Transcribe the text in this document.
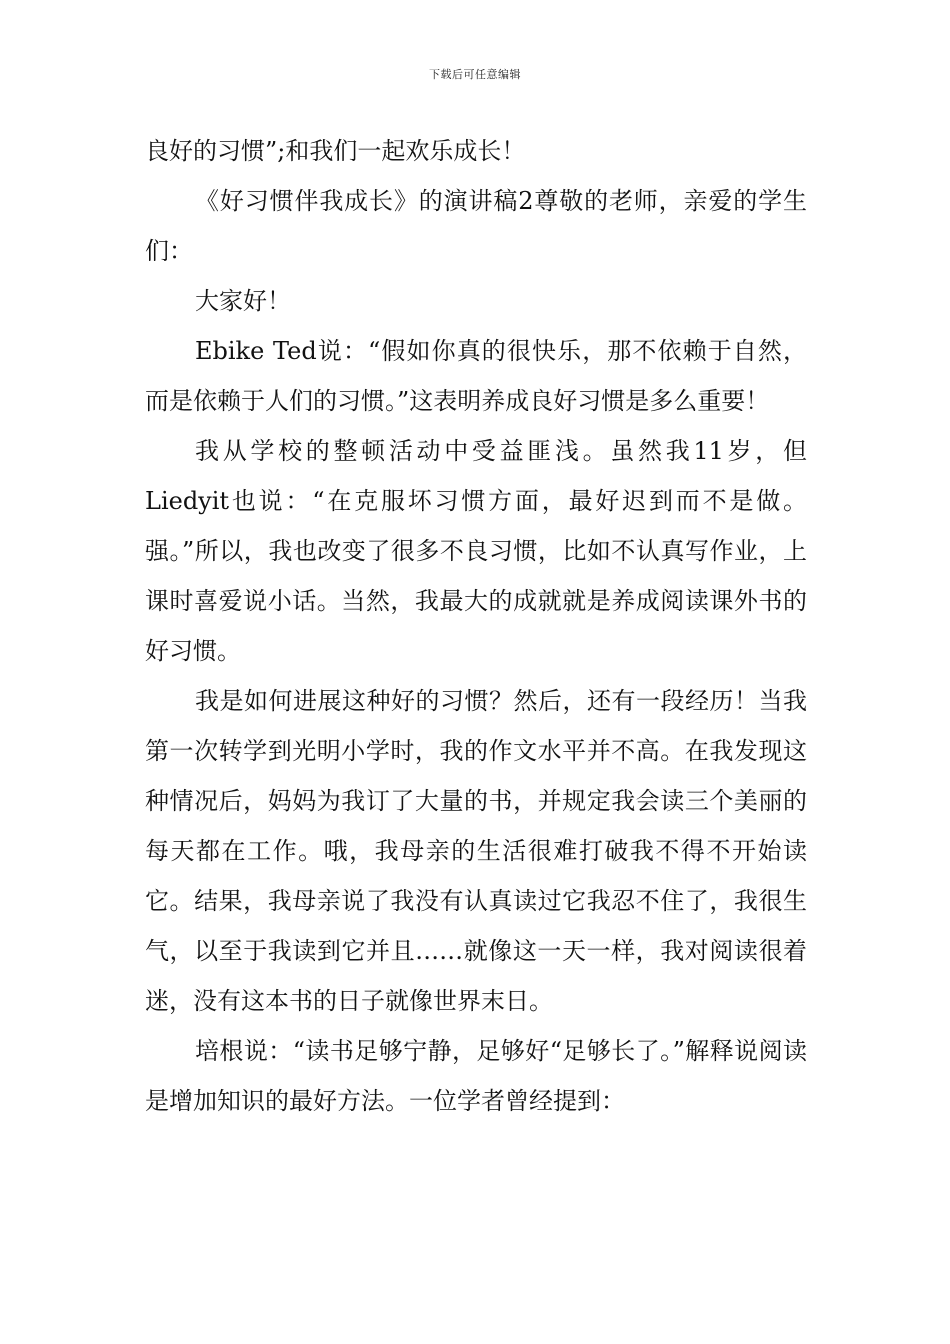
下载后可任意编辑

良好的习惯”;和我们一起欢乐成长！

《好习惯伴我成长》的演讲稿2尊敬的老师，亲爱的学生们：

大家好！

Ebike Ted说：“假如你真的很快乐，那不依赖于自然，而是依赖于人们的习惯。”这表明养成良好习惯是多么重要！

我从学校的整顿活动中受益匪浅。虽然我11岁，但Liedyit也说：“在克服坏习惯方面，最好迟到而不是做。强。”所以，我也改变了很多不良习惯，比如不认真写作业，上课时喜爱说小话。当然，我最大的成就就是养成阅读课外书的好习惯。

我是如何进展这种好的习惯？然后，还有一段经历！当我第一次转学到光明小学时，我的作文水平并不高。在我发现这种情况后，妈妈为我订了大量的书，并规定我会读三个美丽的每天都在工作。哦，我母亲的生活很难打破我不得不开始读它。结果，我母亲说了我没有认真读过它我忍不住了，我很生气，以至于我读到它并且……就像这一天一样，我对阅读很着迷，没有这本书的日子就像世界末日。

培根说：“读书足够宁静，足够好“足够长了。”解释说阅读是增加知识的最好方法。一位学者曾经提到：
